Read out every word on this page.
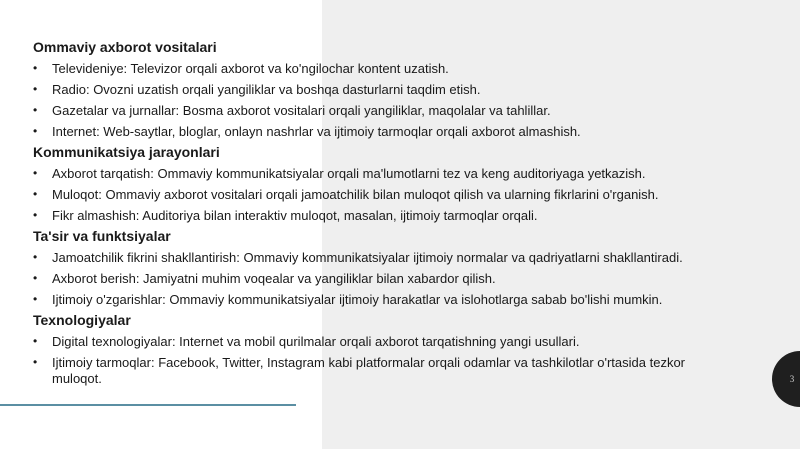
Ommaviy axborot vositalari
• Televideniye: Televizor orqali axborot va ko'ngilochar kontent uzatish.
• Radio: Ovozni uzatish orqali yangiliklar va boshqa dasturlarni taqdim etish.
• Gazetalar va jurnallar: Bosma axborot vositalari orqali yangiliklar, maqolalar va tahlillar.
• Internet: Web-saytlar, bloglar, onlayn nashrlar va ijtimoiy tarmoqlar orqali axborot almashish.
Kommunikatsiya jarayonlari
• Axborot tarqatish: Ommaviy kommunikatsiyalar orqali ma'lumotlarni tez va keng auditoriyaga yetkazish.
• Muloqot: Ommaviy axborot vositalari orqali jamoatchilik bilan muloqot qilish va ularning fikrlarini o'rganish.
• Fikr almashish: Auditoriya bilan interaktiv muloqot, masalan, ijtimoiy tarmoqlar orqali.
Ta'sir va funktsiyalar
• Jamoatchilik fikrini shakllantirish: Ommaviy kommunikatsiyalar ijtimoiy normalar va qadriyatlarni shakllantiradi.
• Axborot berish: Jamiyatni muhim voqealar va yangiliklar bilan xabardor qilish.
• Ijtimoiy o'zgarishlar: Ommaviy kommunikatsiyalar ijtimoiy harakatlar va islohotlarga sabab bo'lishi mumkin.
Texnologiyalar
• Digital texnologiyalar: Internet va mobil qurilmalar orqali axborot tarqatishning yangi usullari.
• Ijtimoiy tarmoqlar: Facebook, Twitter, Instagram kabi platformalar orqali odamlar va tashkilotlar o'rtasida tezkor muloqot.	3
